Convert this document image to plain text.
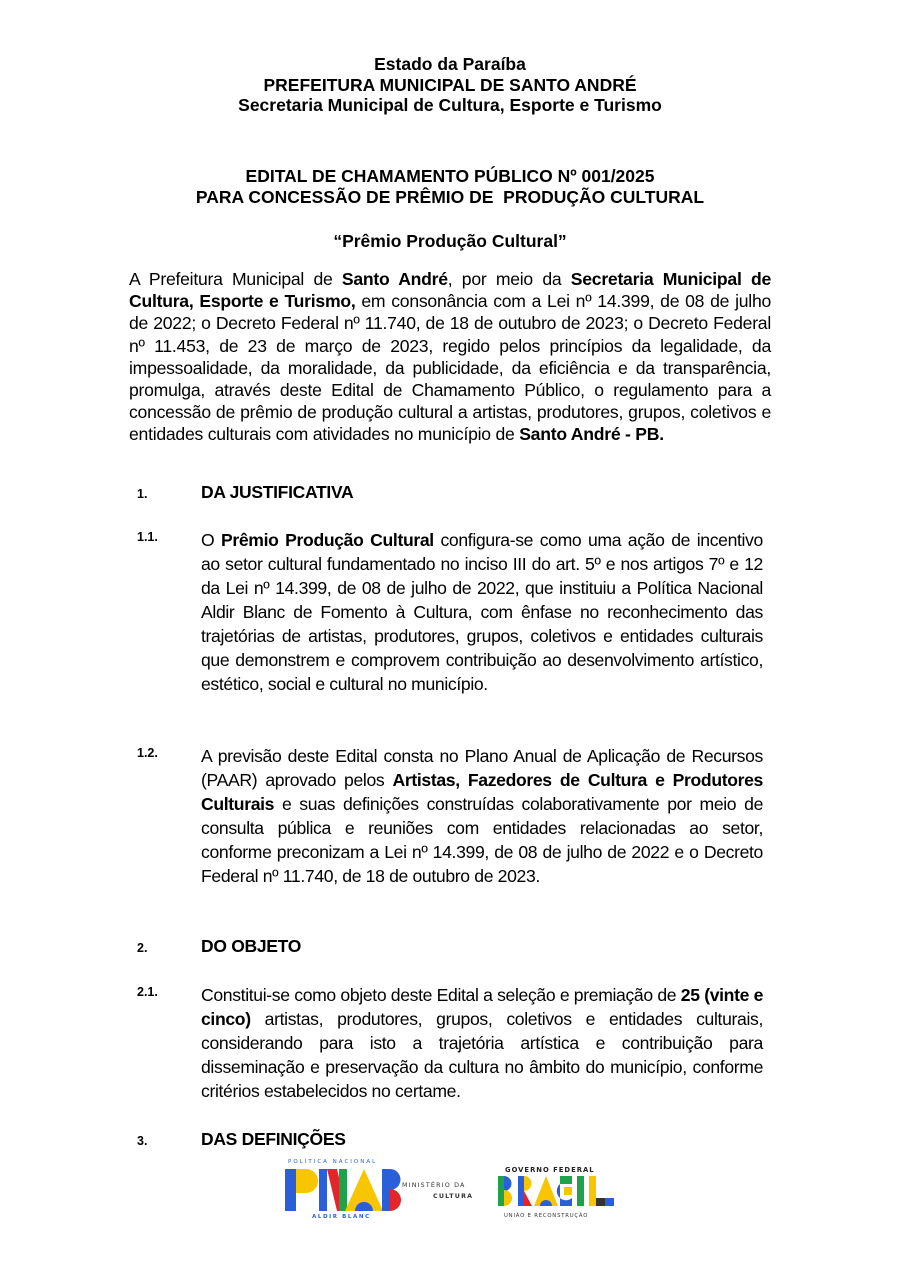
Estado da Paraíba
PREFEITURA MUNICIPAL DE SANTO ANDRÉ
Secretaria Municipal de Cultura, Esporte e Turismo
EDITAL DE CHAMAMENTO PÚBLICO Nº 001/2025
PARA CONCESSÃO DE PRÊMIO DE  PRODUÇÃO CULTURAL
“Prêmio Produção Cultural”
A Prefeitura Municipal de Santo André, por meio da Secretaria Municipal de Cultura, Esporte e Turismo, em consonância com a Lei nº 14.399, de 08 de julho de 2022; o Decreto Federal nº 11.740, de 18 de outubro de 2023; o Decreto Federal nº 11.453, de 23 de março de 2023, regido pelos princípios da legalidade, da impessoalidade, da moralidade, da publicidade, da eficiência e da transparência, promulga, através deste Edital de Chamamento Público, o regulamento para a concessão de prêmio de produção cultural a artistas, produtores, grupos, coletivos e entidades culturais com atividades no município de Santo André - PB.
1.	DA JUSTIFICATIVA
1.1. O Prêmio Produção Cultural configura-se como uma ação de incentivo ao setor cultural fundamentado no inciso III do art. 5º e nos artigos 7º e 12 da Lei nº 14.399, de 08 de julho de 2022, que instituiu a Política Nacional Aldir Blanc de Fomento à Cultura, com ênfase no reconhecimento das trajetórias de artistas, produtores, grupos, coletivos e entidades culturais que demonstrem e comprovem contribuição ao desenvolvimento artístico, estético, social e cultural no município.
1.2. A previsão deste Edital consta no Plano Anual de Aplicação de Recursos (PAAR) aprovado pelos Artistas, Fazedores de Cultura e Produtores Culturais e suas definições construídas colaborativamente por meio de consulta pública e reuniões com entidades relacionadas ao setor, conforme preconizam a Lei nº 14.399, de 08 de julho de 2022 e o Decreto Federal nº 11.740, de 18 de outubro de 2023.
2.	DO OBJETO
2.1. Constitui-se como objeto deste Edital a seleção e premiação de 25 (vinte e cinco) artistas, produtores, grupos, coletivos e entidades culturais, considerando para isto a trajetória artística e contribuição para disseminação e preservação da cultura no âmbito do município, conforme critérios estabelecidos no certame.
3.	DAS DEFINIÇÕES
POLÍTICA NACIONAL
ALDIR BLANC
MINISTÉRIO DA
CULTURA
GOVERNO FEDERAL
UNIÃO E RECONSTRUÇÃO
